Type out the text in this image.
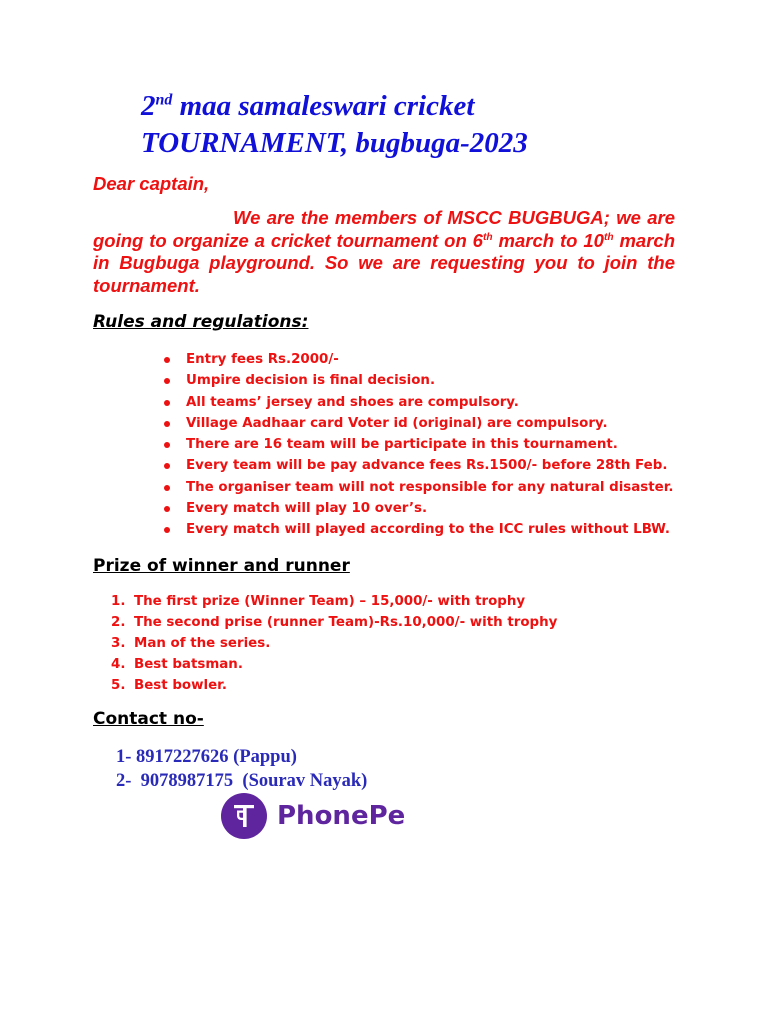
2nd maa samaleswari cricket
TOURNAMENT, bugbuga-2023

Dear captain,

We are the members of MSCC BUGBUGA; we are going to organize a cricket tournament on 6th march to 10th march in Bugbuga playground. So we are requesting you to join the tournament.

Rules and regulations:
Entry fees Rs.2000/-
Umpire decision is final decision.
All teams’ jersey and shoes are compulsory.
Village Aadhaar card Voter id (original) are compulsory.
There are 16 team will be participate in this tournament.
Every team will be pay advance fees Rs.1500/- before 28th Feb.
The organiser team will not responsible for any natural disaster.
Every match will play 10 over’s.
Every match will played according to the ICC rules without LBW.
Prize of winner and runner
1. The first prize (Winner Team) – 15,000/- with trophy
2. The second prise (runner Team)-Rs.10,000/- with trophy
3. Man of the series.
4. Best batsman.
5. Best bowler.
Contact no-
1- 8917227626 (Pappu)
2-  9078987175  (Sourav Nayak)
PhonePe
